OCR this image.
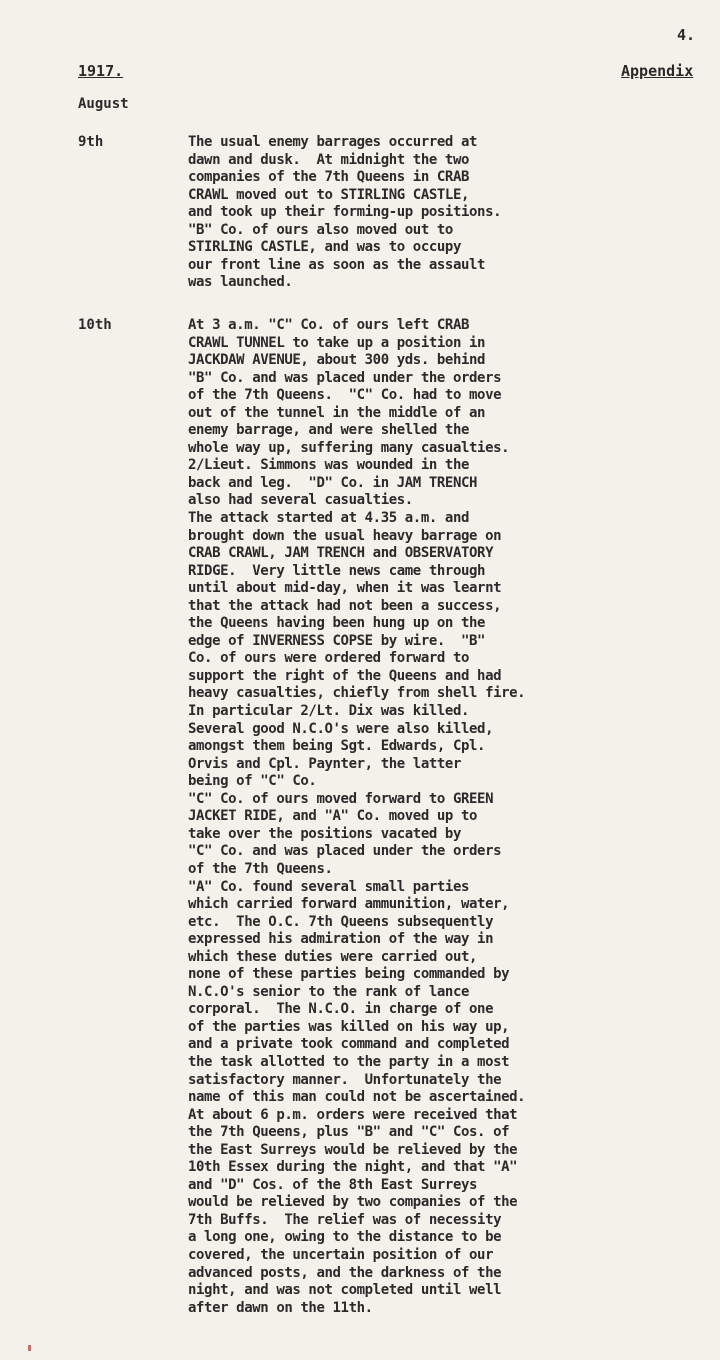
4.
1917.	Appendix
August
9th	The usual enemy barrages occurred at
dawn and dusk.  At midnight the two
companies of the 7th Queens in CRAB
CRAWL moved out to STIRLING CASTLE,
and took up their forming-up positions.
"B" Co. of ours also moved out to
STIRLING CASTLE, and was to occupy
our front line as soon as the assault
was launched.
10th	At 3 a.m. "C" Co. of ours left CRAB
CRAWL TUNNEL to take up a position in
JACKDAW AVENUE, about 300 yds. behind
"B" Co. and was placed under the orders
of the 7th Queens.  "C" Co. had to move
out of the tunnel in the middle of an
enemy barrage, and were shelled the
whole way up, suffering many casualties.
2/Lieut. Simmons was wounded in the
back and leg.  "D" Co. in JAM TRENCH
also had several casualties.
The attack started at 4.35 a.m. and
brought down the usual heavy barrage on
CRAB CRAWL, JAM TRENCH and OBSERVATORY
RIDGE.  Very little news came through
until about mid-day, when it was learnt
that the attack had not been a success,
the Queens having been hung up on the
edge of INVERNESS COPSE by wire.  "B"
Co. of ours were ordered forward to
support the right of the Queens and had
heavy casualties, chiefly from shell fire.
In particular 2/Lt. Dix was killed.
Several good N.C.O's were also killed,
amongst them being Sgt. Edwards, Cpl.
Orvis and Cpl. Paynter, the latter
being of "C" Co.
"C" Co. of ours moved forward to GREEN
JACKET RIDE, and "A" Co. moved up to
take over the positions vacated by
"C" Co. and was placed under the orders
of the 7th Queens.
"A" Co. found several small parties
which carried forward ammunition, water,
etc.  The O.C. 7th Queens subsequently
expressed his admiration of the way in
which these duties were carried out,
none of these parties being commanded by
N.C.O's senior to the rank of lance
corporal.  The N.C.O. in charge of one
of the parties was killed on his way up,
and a private took command and completed
the task allotted to the party in a most
satisfactory manner.  Unfortunately the
name of this man could not be ascertained.
At about 6 p.m. orders were received that
the 7th Queens, plus "B" and "C" Cos. of
the East Surreys would be relieved by the
10th Essex during the night, and that "A"
and "D" Cos. of the 8th East Surreys
would be relieved by two companies of the
7th Buffs.  The relief was of necessity
a long one, owing to the distance to be
covered, the uncertain position of our
advanced posts, and the darkness of the
night, and was not completed until well
after dawn on the 11th.
